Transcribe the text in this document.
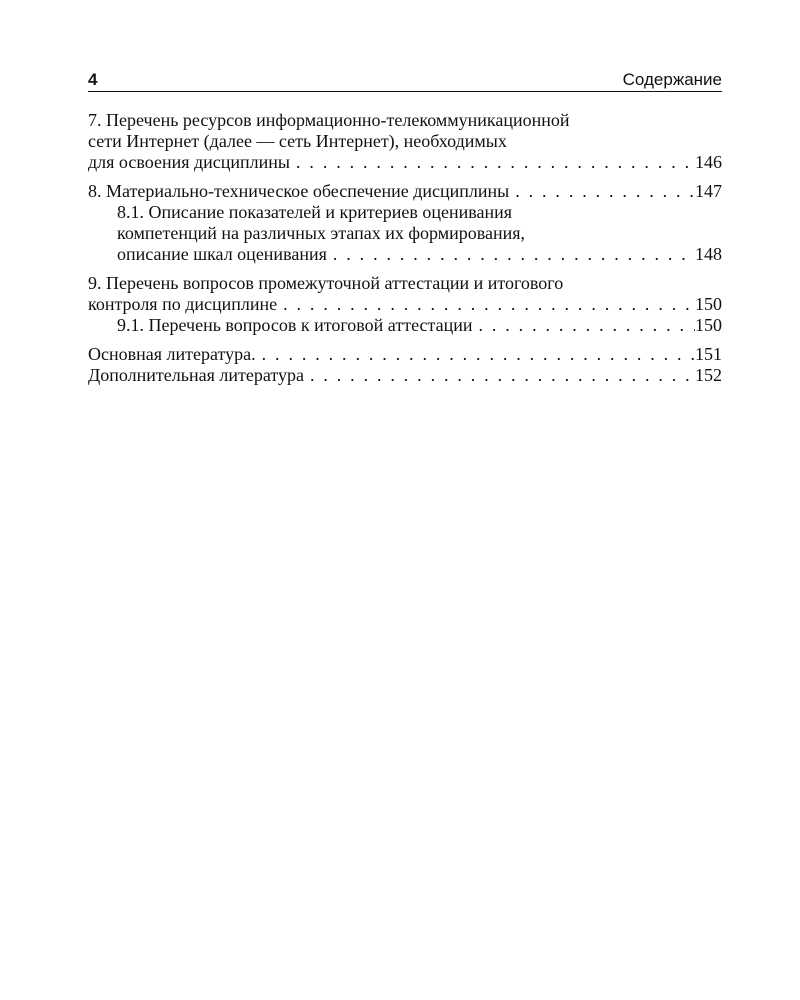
4	Содержание
7. Перечень ресурсов информационно-телекоммуникационной
сети Интернет (далее — сеть Интернет), необходимых
для освоения дисциплины . . .	146
8. Материально-техническое обеспечение дисциплины . . .	147
8.1. Описание показателей и критериев оценивания
компетенций на различных этапах их формирования,
описание шкал оценивания . . .	148
9. Перечень вопросов промежуточной аттестации и итогового
контроля по дисциплине . . .	150
9.1. Перечень вопросов к итоговой аттестации . . .	150
Основная литература. . . .	151
Дополнительная литература . . .	152
